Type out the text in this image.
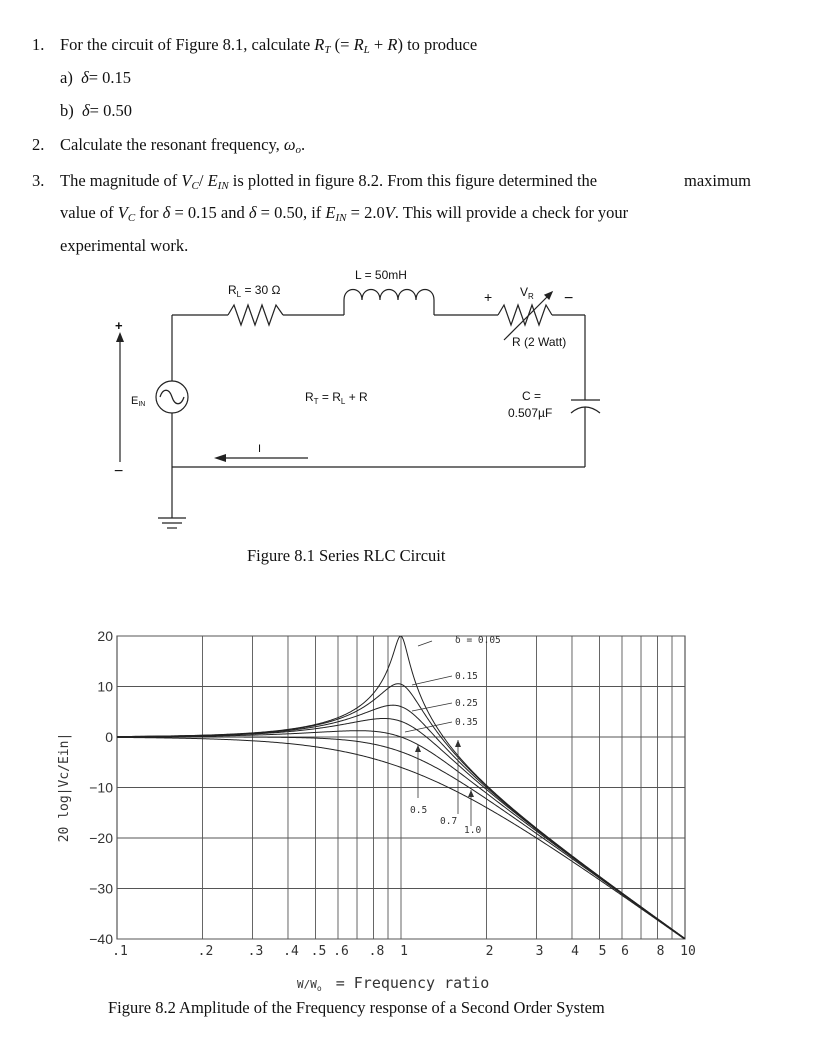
1. For the circuit of Figure 8.1, calculate RT (= RL + R) to produce
a) δ= 0.15
b) δ= 0.50
2. Calculate the resonant frequency, ωo.
3. The magnitude of VC/ EIN is plotted in figure 8.2. From this figure determined the	maximum
value of VC for δ = 0.15 and δ = 0.50, if EIN = 2.0V. This will provide a check for your
experimental work.
$R_L = 30$ Ω
L = 50mH
+ $V_R$ −
R (2 Watt)
EIN
$R_T = R_L + R$	C =
0.507µF
I
+
−
Figure 8.1 Series RLC Circuit
20
10
0
−10
−20
−30
−40
.1	.2	.3 .4 .5 .6 .8 1	2	3 4 5 6 8 10
20 log|Vc/Ein|
$W/W_o$ = Frequency ratio
δ = 0.05
0.15
0.25
0.35
0.5
0.7
1.0
Figure 8.2 Amplitude of the Frequency response of a Second Order System
